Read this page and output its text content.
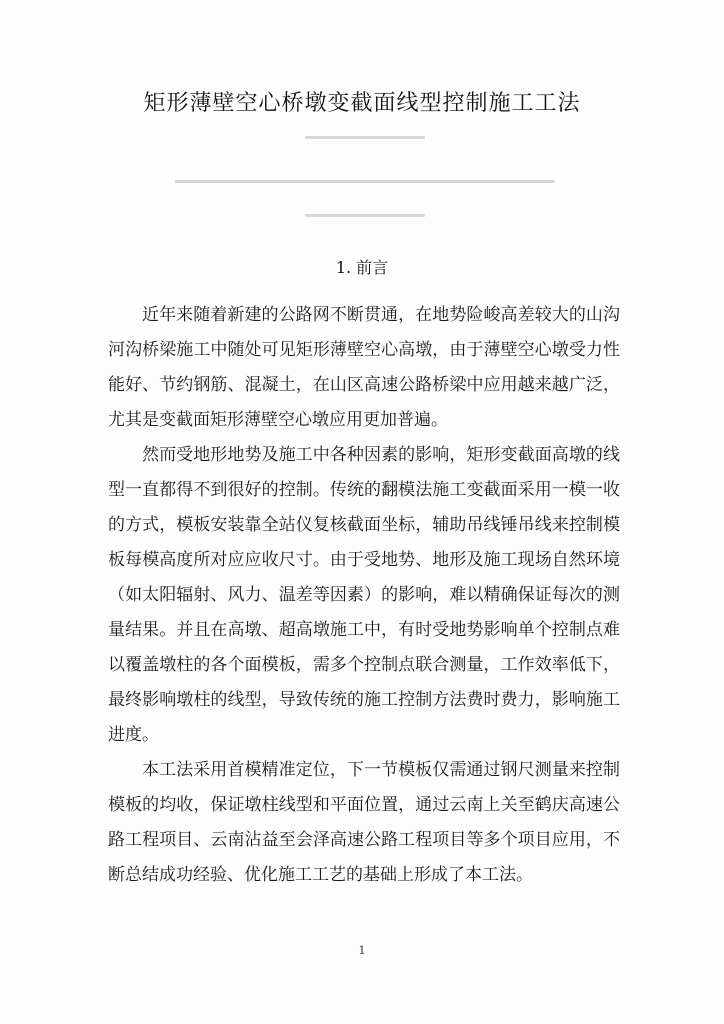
矩形薄壁空心桥墩变截面线型控制施工工法
1. 前言

近年来随着新建的公路网不断贯通，在地势险峻高差较大的山沟河沟桥梁施工中随处可见矩形薄壁空心高墩，由于薄壁空心墩受力性能好、节约钢筋、混凝土，在山区高速公路桥梁中应用越来越广泛，尤其是变截面矩形薄壁空心墩应用更加普遍。

然而受地形地势及施工中各种因素的影响，矩形变截面高墩的线型一直都得不到很好的控制。传统的翻模法施工变截面采用一模一收的方式，模板安装靠全站仪复核截面坐标，辅助吊线锤吊线来控制模板每模高度所对应应收尺寸。由于受地势、地形及施工现场自然环境（如太阳辐射、风力、温差等因素）的影响，难以精确保证每次的测量结果。并且在高墩、超高墩施工中，有时受地势影响单个控制点难以覆盖墩柱的各个面模板，需多个控制点联合测量，工作效率低下，最终影响墩柱的线型，导致传统的施工控制方法费时费力，影响施工进度。

本工法采用首模精准定位，下一节模板仅需通过钢尺测量来控制模板的均收，保证墩柱线型和平面位置，通过云南上关至鹤庆高速公路工程项目、云南沾益至会泽高速公路工程项目等多个项目应用，不断总结成功经验、优化施工工艺的基础上形成了本工法。

1
